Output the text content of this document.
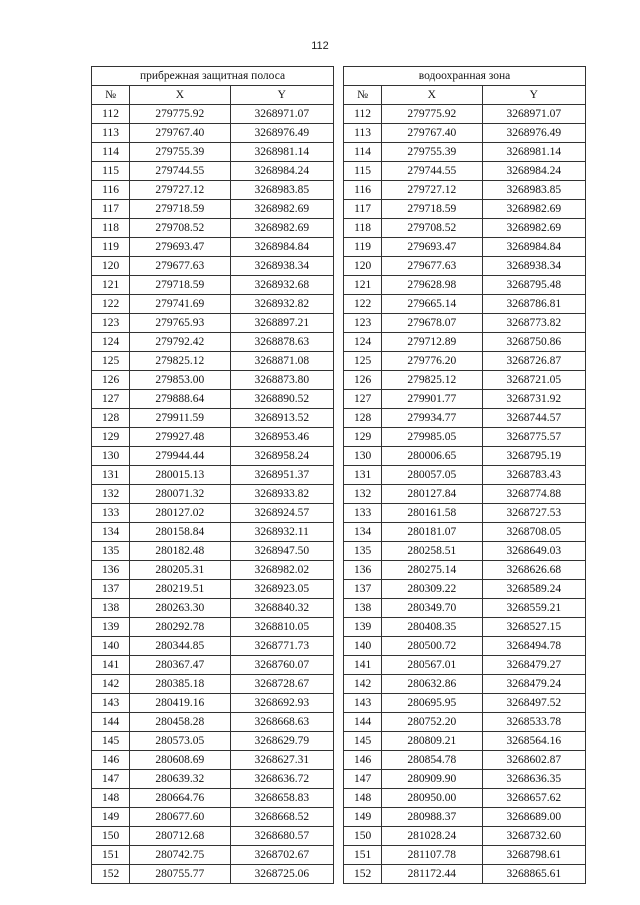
112
прибрежная защитная полоса		
№	X	Y
112	279775.92	3268971.07
113	279767.40	3268976.49
114	279755.39	3268981.14
115	279744.55	3268984.24
116	279727.12	3268983.85
117	279718.59	3268982.69
118	279708.52	3268982.69
119	279693.47	3268984.84
120	279677.63	3268938.34
121	279718.59	3268932.68
122	279741.69	3268932.82
123	279765.93	3268897.21
124	279792.42	3268878.63
125	279825.12	3268871.08
126	279853.00	3268873.80
127	279888.64	3268890.52
128	279911.59	3268913.52
129	279927.48	3268953.46
130	279944.44	3268958.24
131	280015.13	3268951.37
132	280071.32	3268933.82
133	280127.02	3268924.57
134	280158.84	3268932.11
135	280182.48	3268947.50
136	280205.31	3268982.02
137	280219.51	3268923.05
138	280263.30	3268840.32
139	280292.78	3268810.05
140	280344.85	3268771.73
141	280367.47	3268760.07
142	280385.18	3268728.67
143	280419.16	3268692.93
144	280458.28	3268668.63
145	280573.05	3268629.79
146	280608.69	3268627.31
147	280639.32	3268636.72
148	280664.76	3268658.83
149	280677.60	3268668.52
150	280712.68	3268680.57
151	280742.75	3268702.67
152	280755.77	3268725.06
водоохранная зона		
№	X	Y
112	279775.92	3268971.07
113	279767.40	3268976.49
114	279755.39	3268981.14
115	279744.55	3268984.24
116	279727.12	3268983.85
117	279718.59	3268982.69
118	279708.52	3268982.69
119	279693.47	3268984.84
120	279677.63	3268938.34
121	279628.98	3268795.48
122	279665.14	3268786.81
123	279678.07	3268773.82
124	279712.89	3268750.86
125	279776.20	3268726.87
126	279825.12	3268721.05
127	279901.77	3268731.92
128	279934.77	3268744.57
129	279985.05	3268775.57
130	280006.65	3268795.19
131	280057.05	3268783.43
132	280127.84	3268774.88
133	280161.58	3268727.53
134	280181.07	3268708.05
135	280258.51	3268649.03
136	280275.14	3268626.68
137	280309.22	3268589.24
138	280349.70	3268559.21
139	280408.35	3268527.15
140	280500.72	3268494.78
141	280567.01	3268479.27
142	280632.86	3268479.24
143	280695.95	3268497.52
144	280752.20	3268533.78
145	280809.21	3268564.16
146	280854.78	3268602.87
147	280909.90	3268636.35
148	280950.00	3268657.62
149	280988.37	3268689.00
150	281028.24	3268732.60
151	281107.78	3268798.61
152	281172.44	3268865.61
